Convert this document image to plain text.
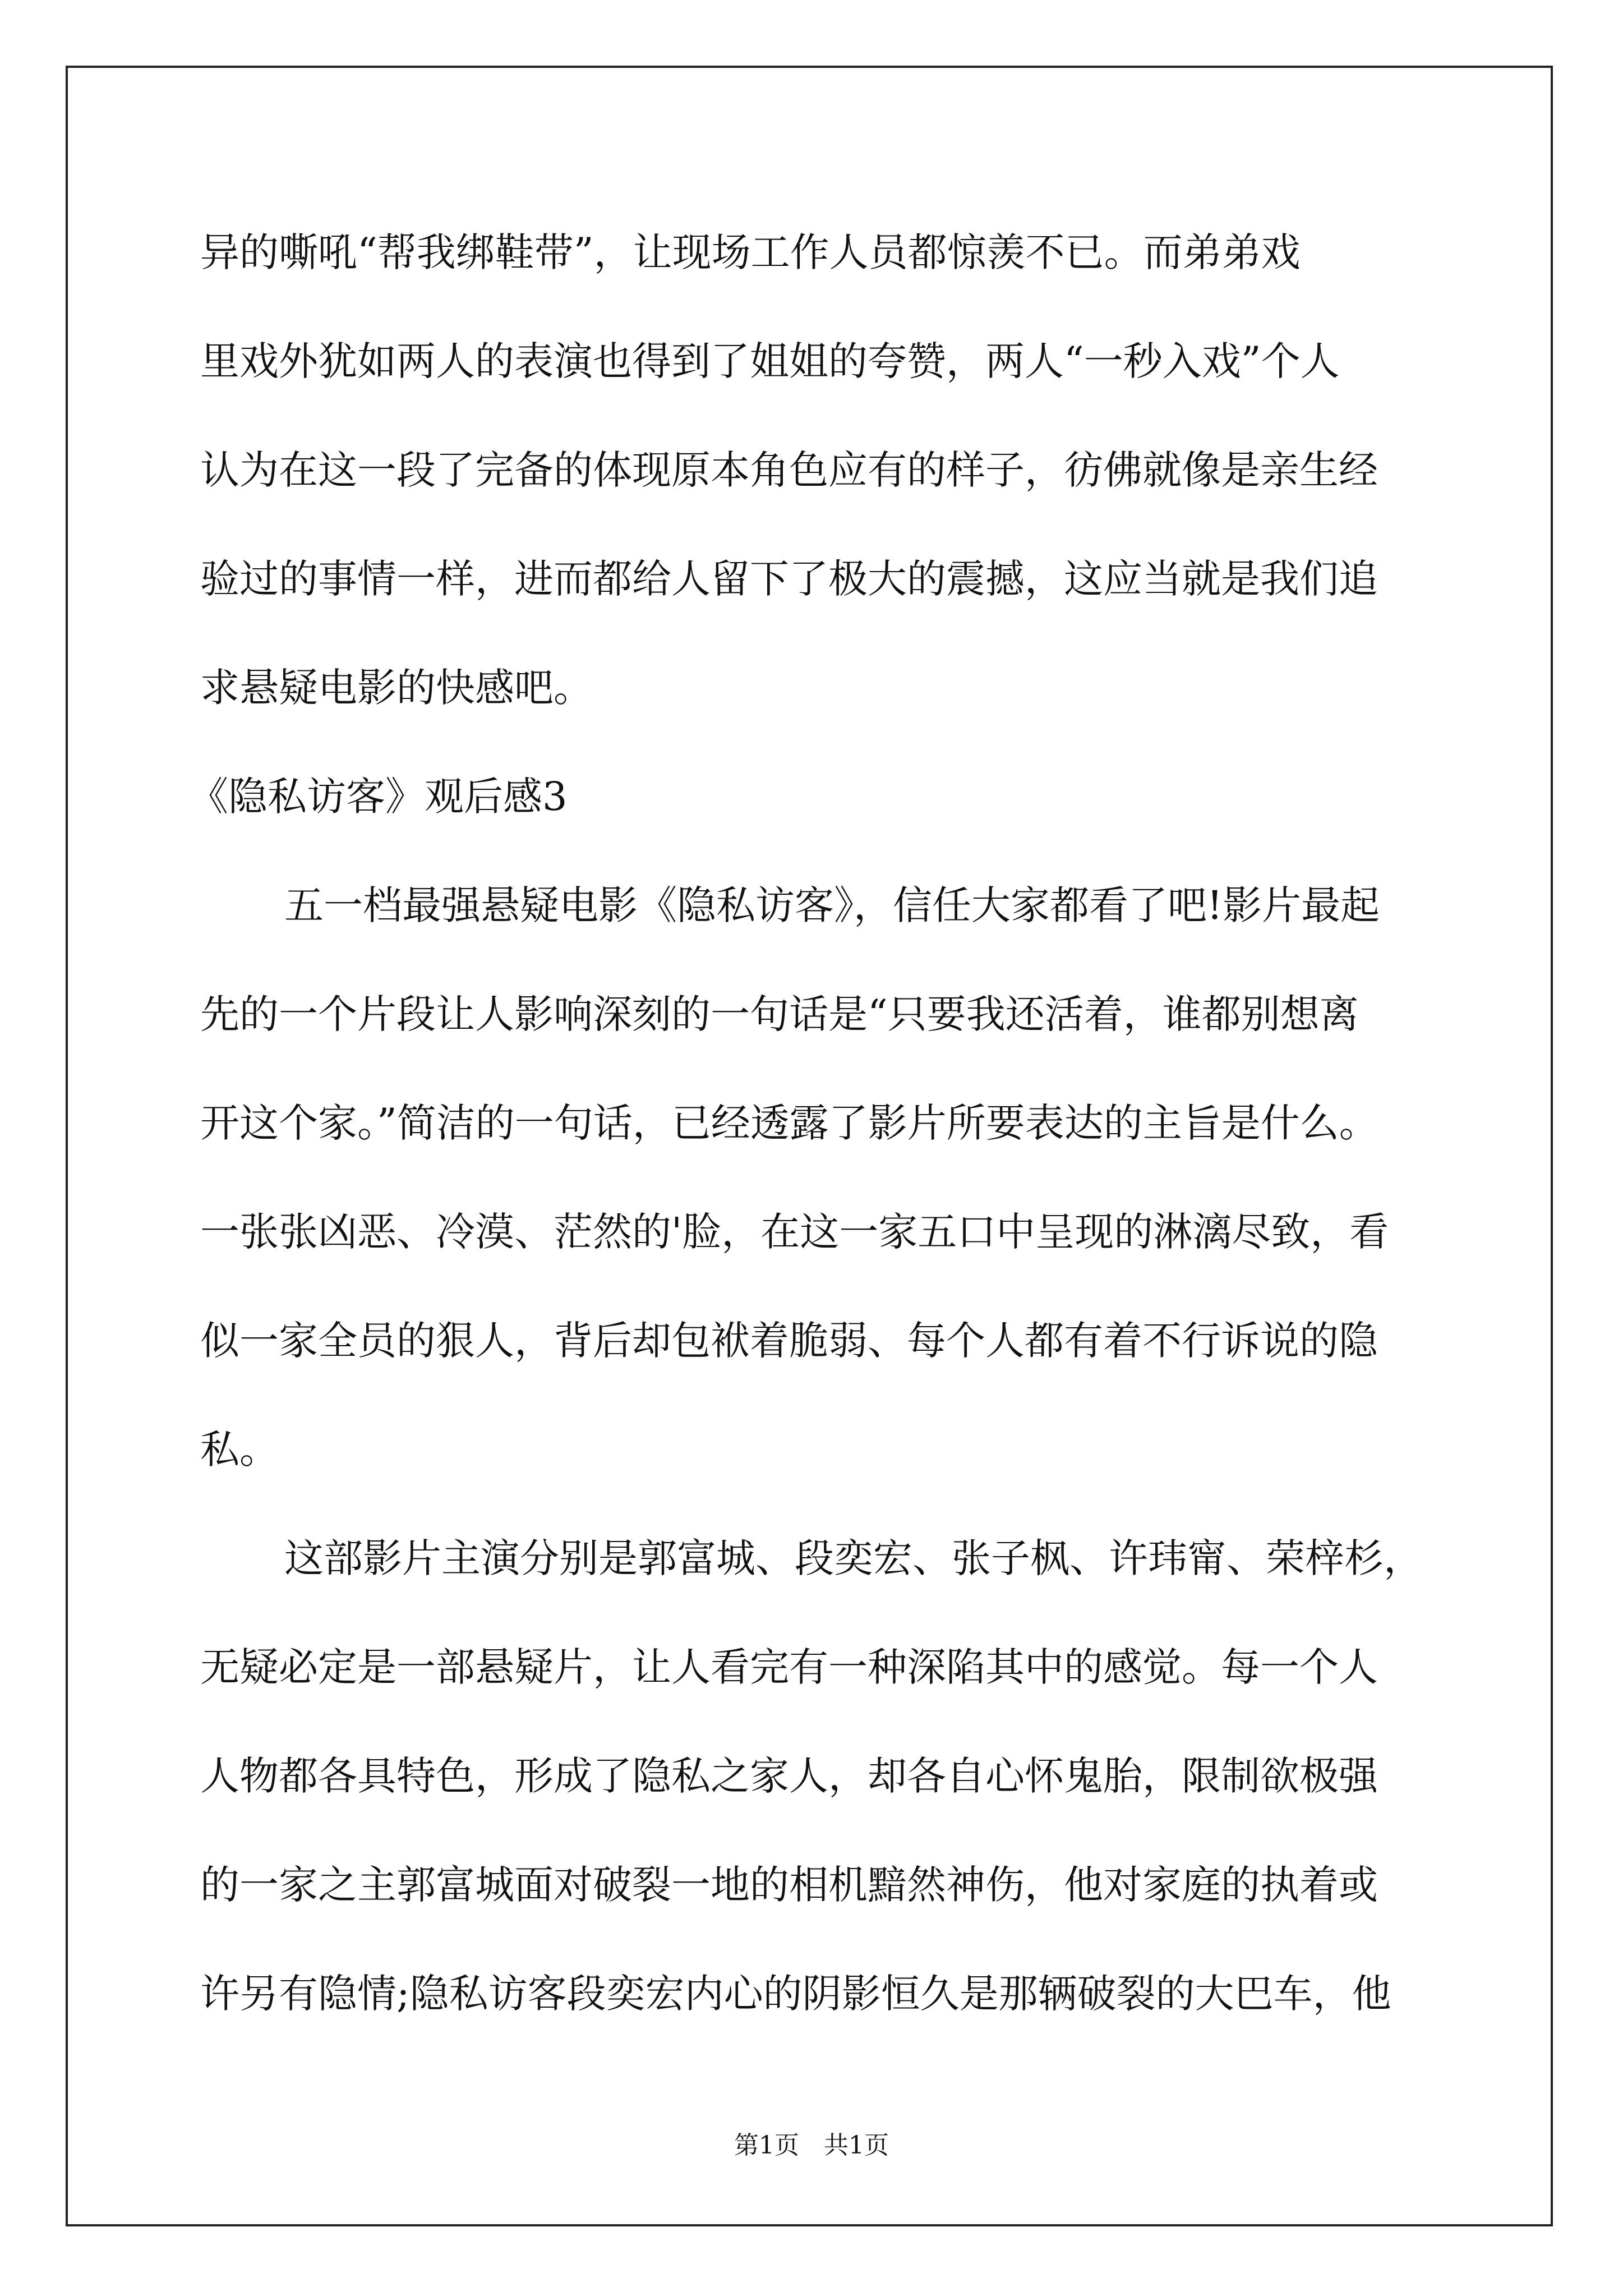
异的嘶吼“帮我绑鞋带”，让现场工作人员都惊羡不已。而弟弟戏
里戏外犹如两人的表演也得到了姐姐的夸赞，两人“一秒入戏”个人
认为在这一段了完备的体现原本角色应有的样子，彷佛就像是亲生经
验过的事情一样，进而都给人留下了极大的震撼，这应当就是我们追
求悬疑电影的快感吧。
《隐私访客》观后感3
五一档最强悬疑电影《隐私访客》，信任大家都看了吧!影片最起
先的一个片段让人影响深刻的一句话是“只要我还活着，谁都别想离
开这个家。”简洁的一句话，已经透露了影片所要表达的主旨是什么。
一张张凶恶、冷漠、茫然的'脸，在这一家五口中呈现的淋漓尽致，看
似一家全员的狠人，背后却包袱着脆弱、每个人都有着不行诉说的隐
私。
这部影片主演分别是郭富城、段奕宏、张子枫、许玮甯、荣梓杉，
无疑必定是一部悬疑片，让人看完有一种深陷其中的感觉。每一个人
人物都各具特色，形成了隐私之家人，却各自心怀鬼胎，限制欲极强
的一家之主郭富城面对破裂一地的相机黯然神伤，他对家庭的执着或
许另有隐情;隐私访客段奕宏内心的阴影恒久是那辆破裂的大巴车，他
第1页　共1页
